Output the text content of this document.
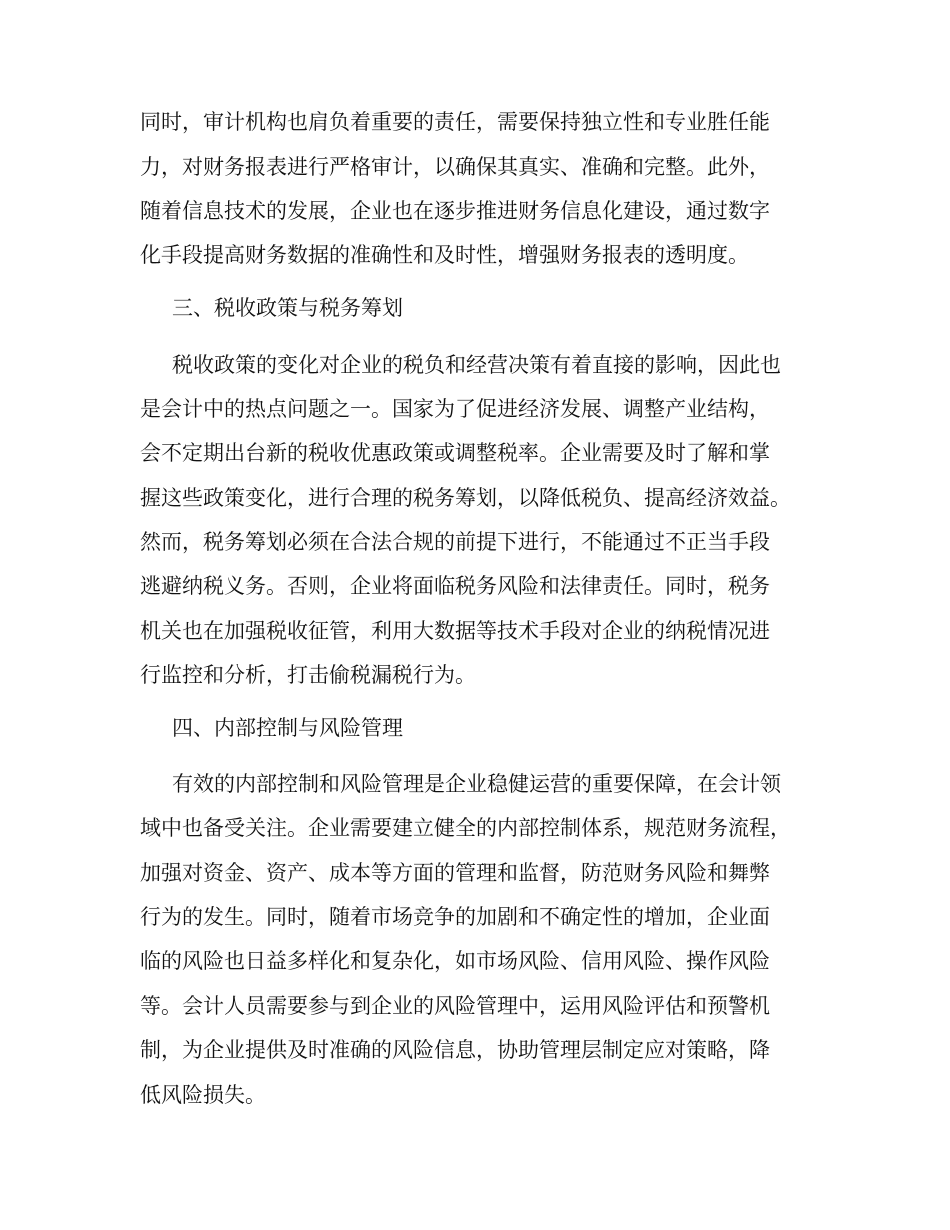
同时，审计机构也肩负着重要的责任，需要保持独立性和专业胜任能
力，对财务报表进行严格审计，以确保其真实、准确和完整。此外，
随着信息技术的发展，企业也在逐步推进财务信息化建设，通过数字
化手段提高财务数据的准确性和及时性，增强财务报表的透明度。
三、税收政策与税务筹划
税收政策的变化对企业的税负和经营决策有着直接的影响，因此也
是会计中的热点问题之一。国家为了促进经济发展、调整产业结构，
会不定期出台新的税收优惠政策或调整税率。企业需要及时了解和掌
握这些政策变化，进行合理的税务筹划，以降低税负、提高经济效益。
然而，税务筹划必须在合法合规的前提下进行，不能通过不正当手段
逃避纳税义务。否则，企业将面临税务风险和法律责任。同时，税务
机关也在加强税收征管，利用大数据等技术手段对企业的纳税情况进
行监控和分析，打击偷税漏税行为。
四、内部控制与风险管理
有效的内部控制和风险管理是企业稳健运营的重要保障，在会计领
域中也备受关注。企业需要建立健全的内部控制体系，规范财务流程，
加强对资金、资产、成本等方面的管理和监督，防范财务风险和舞弊
行为的发生。同时，随着市场竞争的加剧和不确定性的增加，企业面
临的风险也日益多样化和复杂化，如市场风险、信用风险、操作风险
等。会计人员需要参与到企业的风险管理中，运用风险评估和预警机
制，为企业提供及时准确的风险信息，协助管理层制定应对策略，降
低风险损失。
